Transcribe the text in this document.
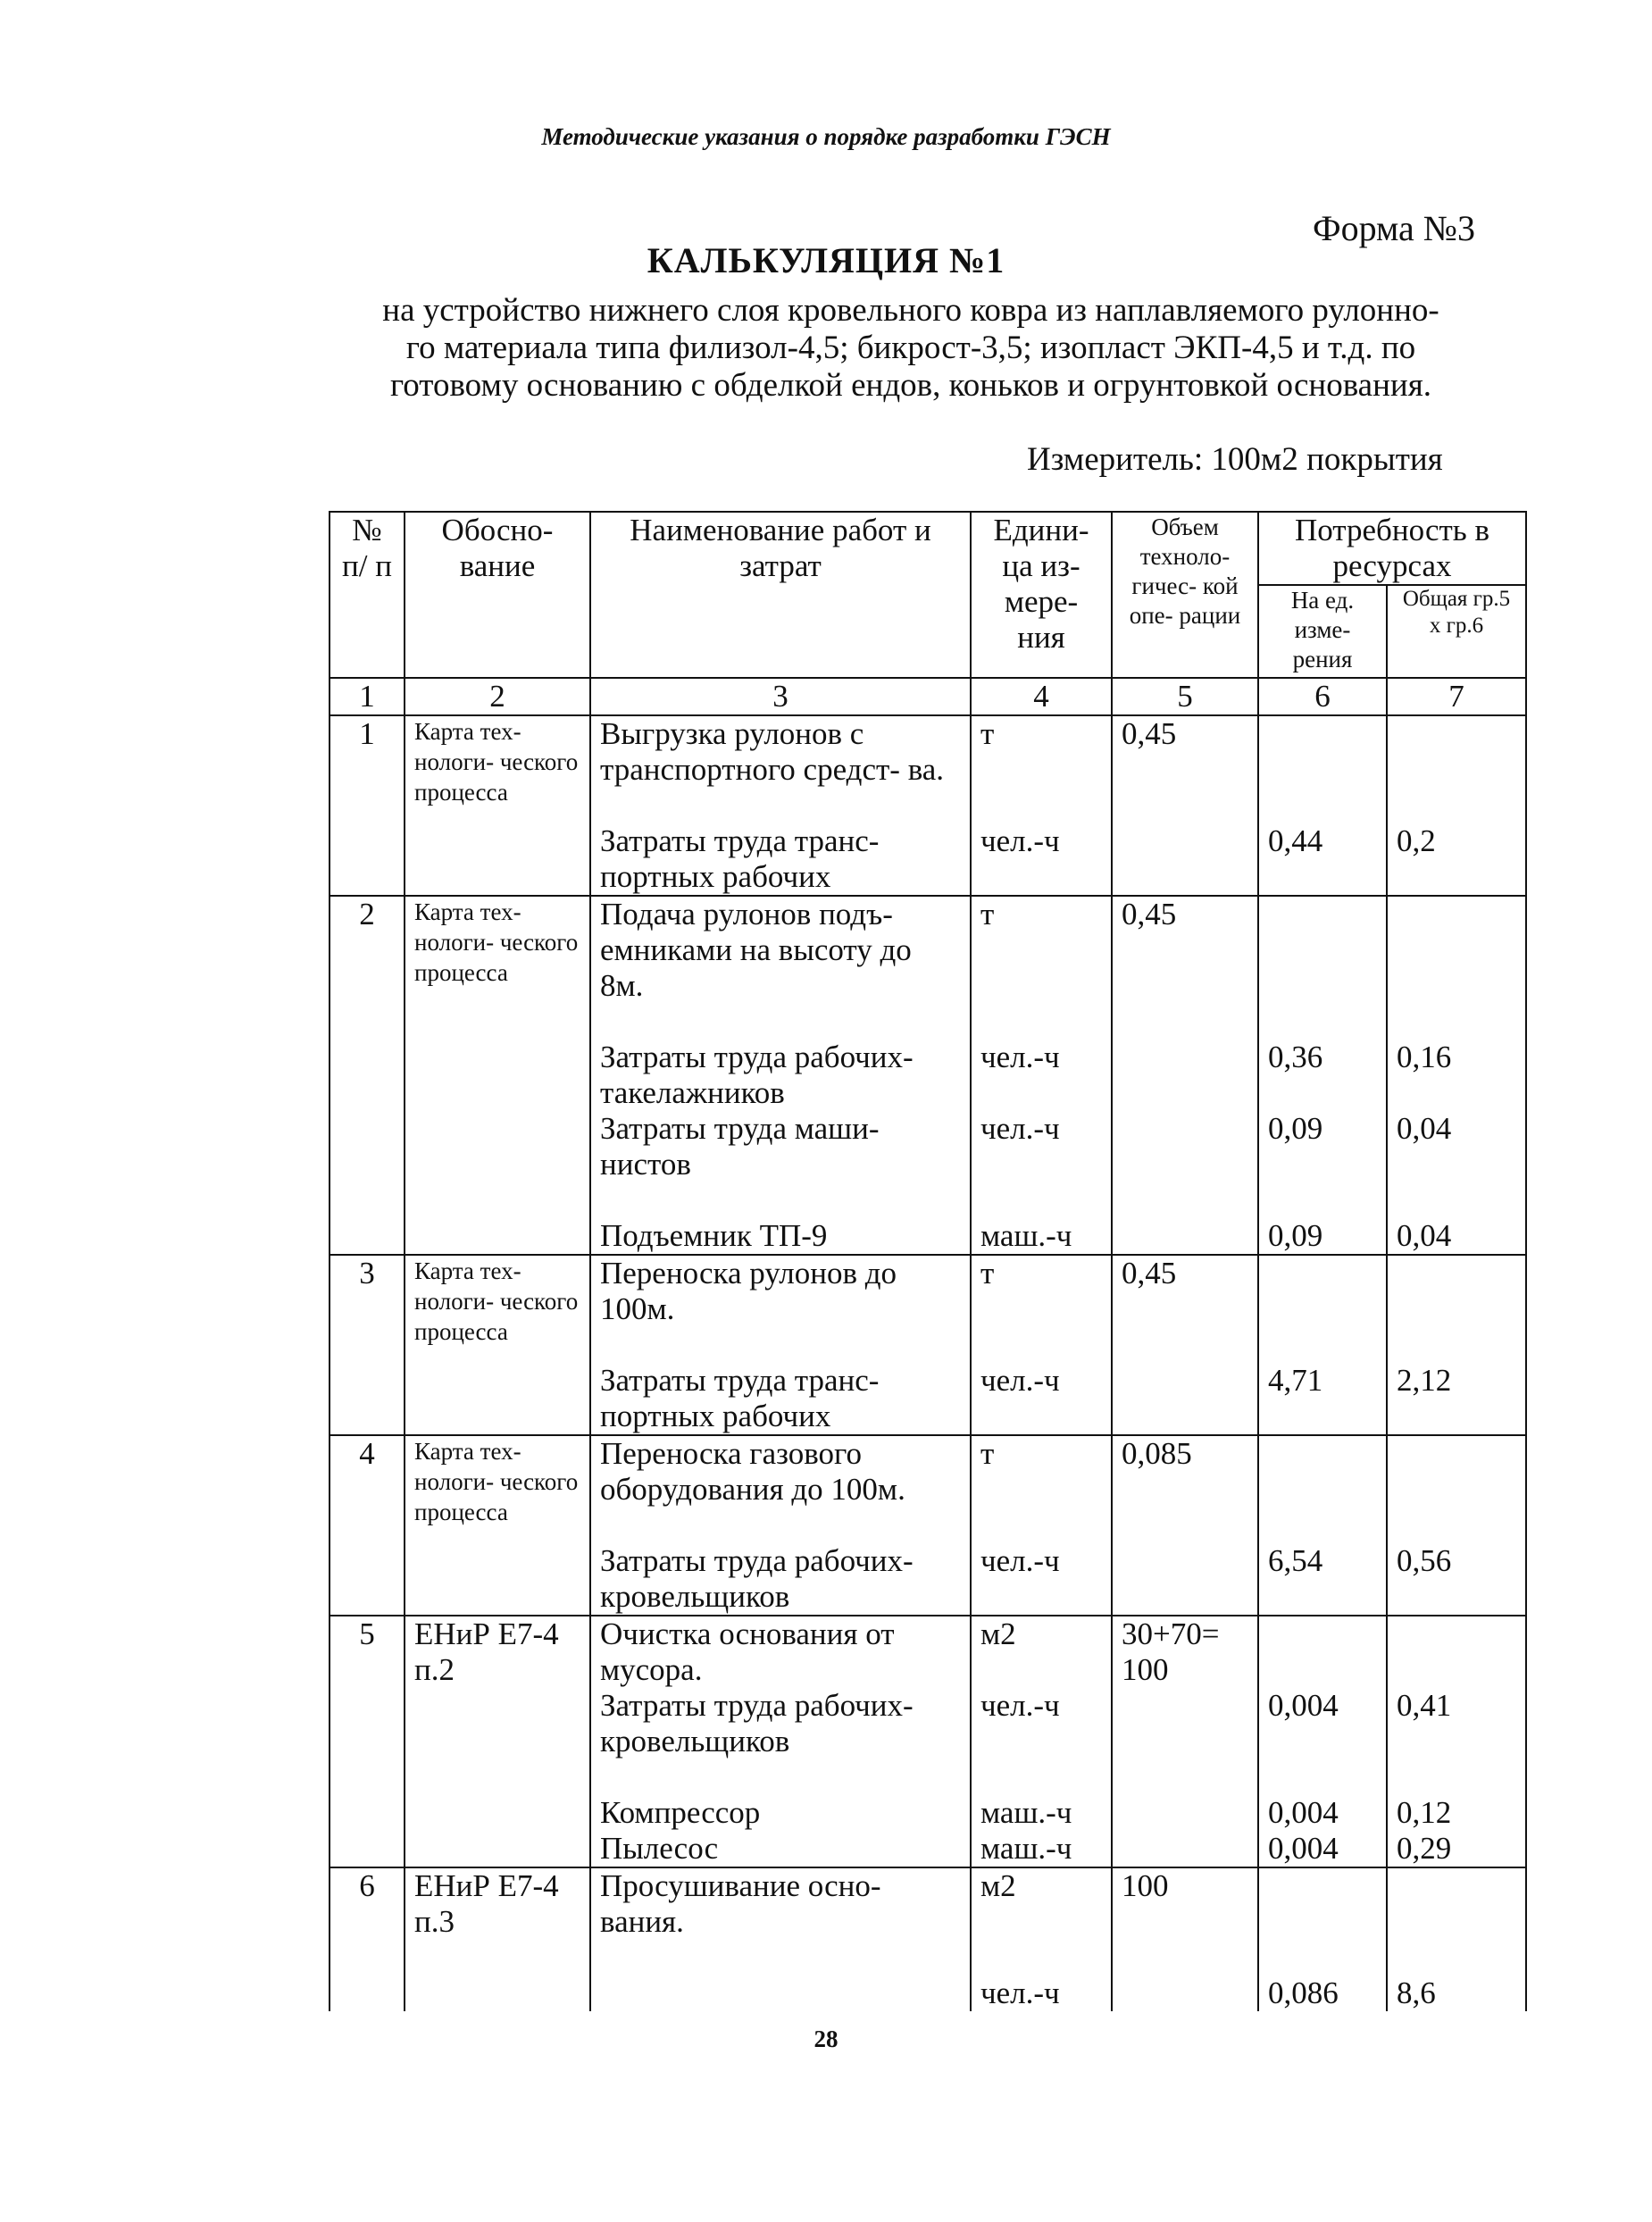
Методические указания о порядке разработки ГЭСН
Форма №3
КАЛЬКУЛЯЦИЯ №1
на устройство нижнего слоя кровельного ковра из наплавляемого рулонно-
го материала типа филизол-4,5; бикрост-3,5; изопласт ЭКП-4,5 и т.д. по
готовому основанию с обделкой ендов, коньков и огрунтовкой основания.
Измеритель: 100м2 покрытия
№ п/ п	Обосно- вание	Наименование работ и затрат	Едини- ца из- мере- ния	Объем техноло- гичес- кой опе- рации	Потребность в ресурсах	
					На ед. изме- рения	Общая гр.5 х гр.6
1	2	3	4	5	6	7
1	Карта тех- нологи- ческого процесса	Выгрузка рулонов с транспортного средст- ва.	т	0,45		

		Затраты труда транс- портных рабочих	чел.-ч		0,44	0,2

2	Карта тех- нологи- ческого процесса	Подача рулонов подъ- емниками на высоту до 8м.	т	0,45		

		Затраты труда рабочих- такелажников	чел.-ч		0,36	0,16

		Затраты труда маши- нистов	чел.-ч		0,09	0,04

		Подъемник ТП-9	маш.-ч		0,09	0,04

3	Карта тех- нологи- ческого процесса	Переноска рулонов до 100м.	т	0,45		

		Затраты труда транс- портных рабочих	чел.-ч		4,71	2,12

4	Карта тех- нологи- ческого процесса	Переноска газового оборудования до 100м.	т	0,085		

		Затраты труда рабочих- кровельщиков	чел.-ч		6,54	0,56

5	ЕНиР Е7-4 п.2	Очистка основания от мусора.	м2	30+70= 100		

		Затраты труда рабочих- кровельщиков	чел.-ч		0,004	0,41

		Компрессор	маш.-ч		0,004	0,12

		Пылесос	маш.-ч		0,004	0,29

6	ЕНиР Е7-4 п.3	Просушивание осно- вания.	м2	100		

			чел.-ч		0,086	8,6
28
